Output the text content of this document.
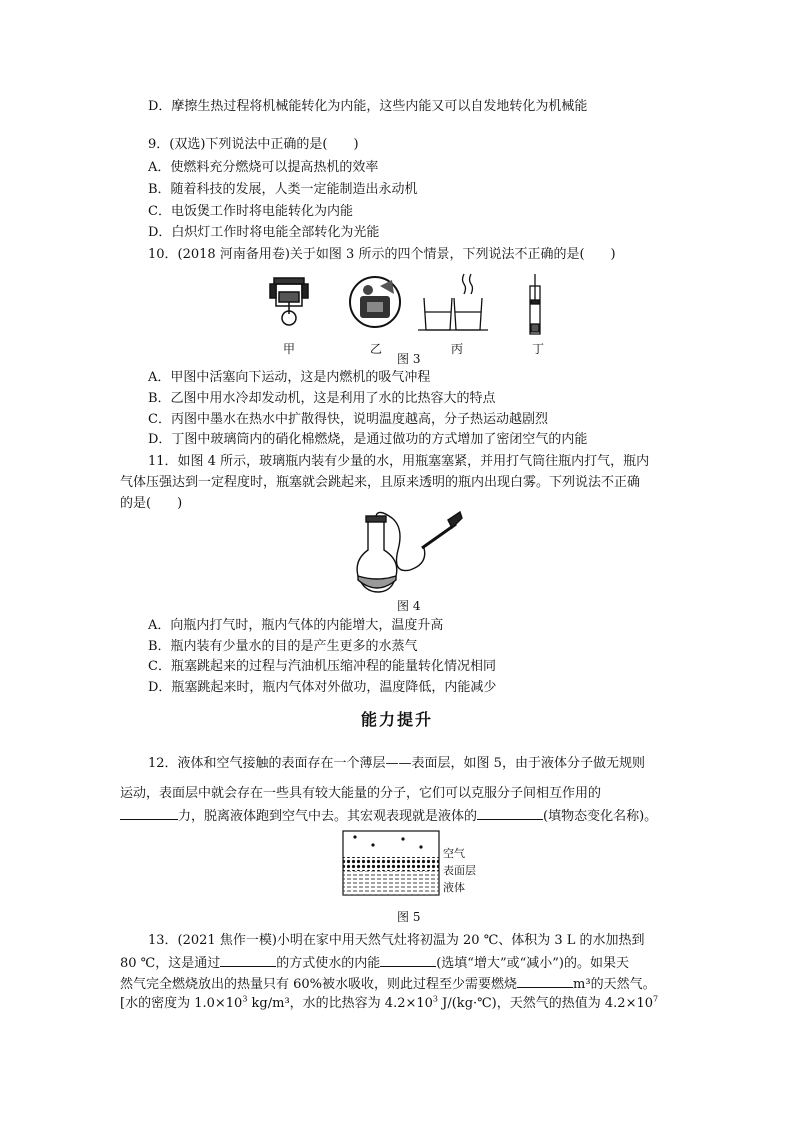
D．摩擦生热过程将机械能转化为内能，这些内能又可以自发地转化为机械能
9．(双选)下列说法中正确的是(　　)
A．使燃料充分燃烧可以提高热机的效率
B．随着科技的发展，人类一定能制造出永动机
C．电饭煲工作时将电能转化为内能
D．白炽灯工作时将电能全部转化为光能
10．(2018 河南备用卷)关于如图 3 所示的四个情景，下列说法不正确的是(　　)
甲	乙	丙	丁
图 3
A．甲图中活塞向下运动，这是内燃机的吸气冲程
B．乙图中用水冷却发动机，这是利用了水的比热容大的特点
C．丙图中墨水在热水中扩散得快，说明温度越高，分子热运动越剧烈
D．丁图中玻璃筒内的硝化棉燃烧，是通过做功的方式增加了密闭空气的内能
11．如图 4 所示，玻璃瓶内装有少量的水，用瓶塞塞紧，并用打气筒往瓶内打气，瓶内
气体压强达到一定程度时，瓶塞就会跳起来，且原来透明的瓶内出现白雾。下列说法不正确
的是(　　)
图 4
A．向瓶内打气时，瓶内气体的内能增大，温度升高
B．瓶内装有少量水的目的是产生更多的水蒸气
C．瓶塞跳起来的过程与汽油机压缩冲程的能量转化情况相同
D．瓶塞跳起来时，瓶内气体对外做功，温度降低，内能减少
能力提升
12．液体和空气接触的表面存在一个薄层——表面层，如图 5，由于液体分子做无规则
运动，表面层中就会存在一些具有较大能量的分子，它们可以克服分子间相互作用的
力，脱离液体跑到空气中去。其宏观表现就是液体的	(填物态变化名称)。
空气
表面层
液体
图 5
13．(2021 焦作一模)小明在家中用天然气灶将初温为 20 ℃、体积为 3 L 的水加热到
80 ℃，这是通过	的方式使水的内能	(选填“增大”或“减小”)的。如果天
然气完全燃烧放出的热量只有 60%被水吸收，则此过程至少需要燃烧	m³的天然气。
[水的密度为 $1.0\times 10^3$ kg/m³，水的比热容为 $4.2\times 10^3$ J/(kg·℃)，天然气的热值为 $4.2\times 10^7$
